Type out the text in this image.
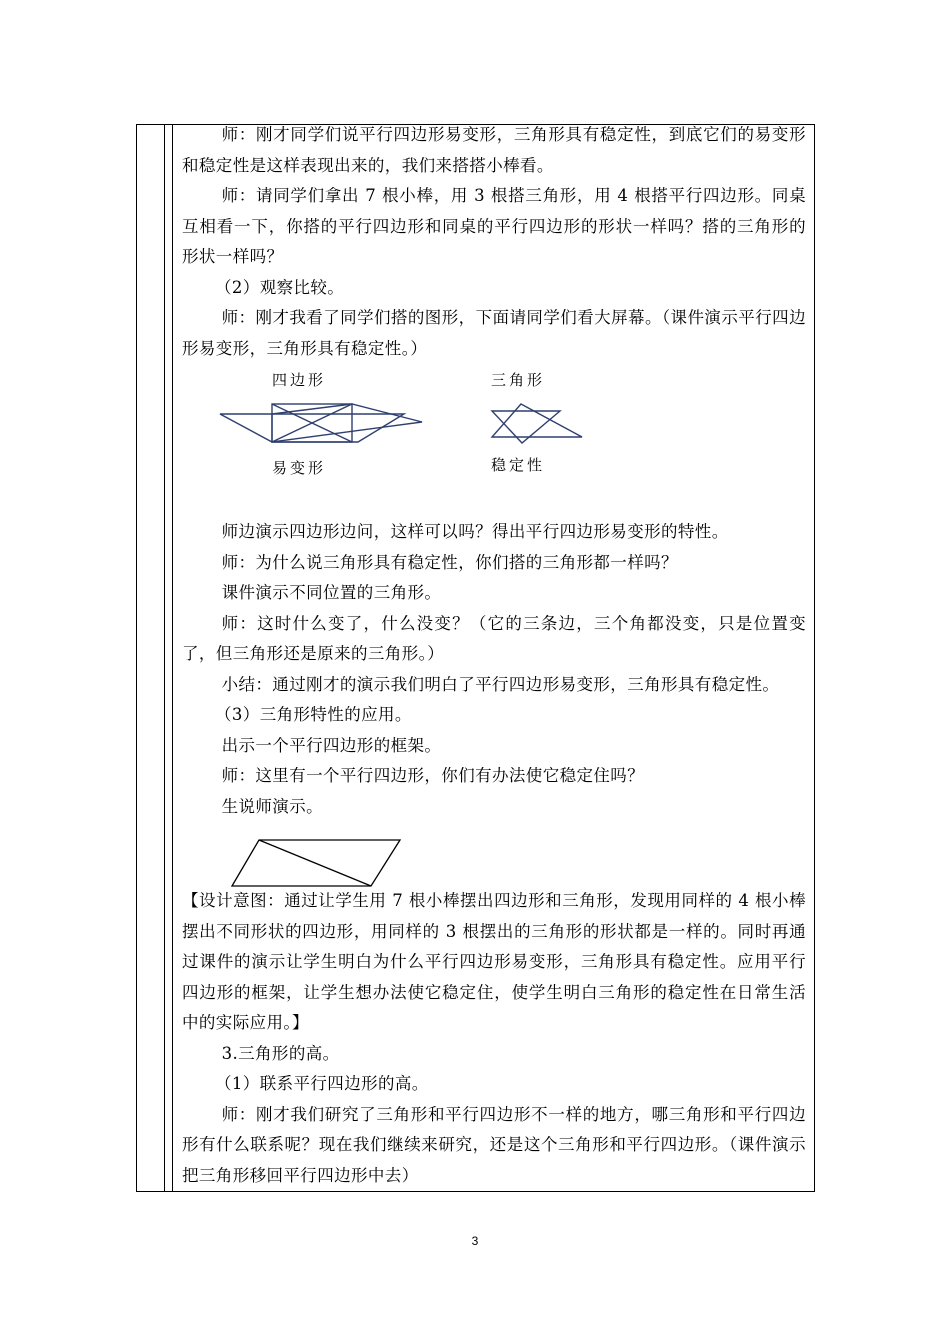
师：刚才同学们说平行四边形易变形，三角形具有稳定性，到底它们的易变形和稳定性是这样表现出来的，我们来搭搭小棒看。

师：请同学们拿出 7 根小棒，用 3 根搭三角形，用 4 根搭平行四边形。同桌互相看一下，你搭的平行四边形和同桌的平行四边形的形状一样吗？搭的三角形的形状一样吗？

（2）观察比较。

师：刚才我看了同学们搭的图形，下面请同学们看大屏幕。（课件演示平行四边形易变形，三角形具有稳定性。）

师边演示四边形边问，这样可以吗？得出平行四边形易变形的特性。

师：为什么说三角形具有稳定性，你们搭的三角形都一样吗？

课件演示不同位置的三角形。

师：这时什么变了，什么没变？（它的三条边，三个角都没变，只是位置变了，但三角形还是原来的三角形。）

小结：通过刚才的演示我们明白了平行四边形易变形，三角形具有稳定性。

（3）三角形特性的应用。

出示一个平行四边形的框架。

师：这里有一个平行四边形，你们有办法使它稳定住吗？

生说师演示。

【设计意图：通过让学生用 7 根小棒摆出四边形和三角形，发现用同样的 4 根小棒摆出不同形状的四边形，用同样的 3 根摆出的三角形的形状都是一样的。同时再通过课件的演示让学生明白为什么平行四边形易变形，三角形具有稳定性。应用平行四边形的框架，让学生想办法使它稳定住，使学生明白三角形的稳定性在日常生活中的实际应用。】

3.三角形的高。

（1）联系平行四边形的高。

师：刚才我们研究了三角形和平行四边形不一样的地方，哪三角形和平行四边形有什么联系呢？现在我们继续来研究，还是这个三角形和平行四边形。（课件演示把三角形移回平行四边形中去）

四边形	三角形
易变形	稳定性
3
